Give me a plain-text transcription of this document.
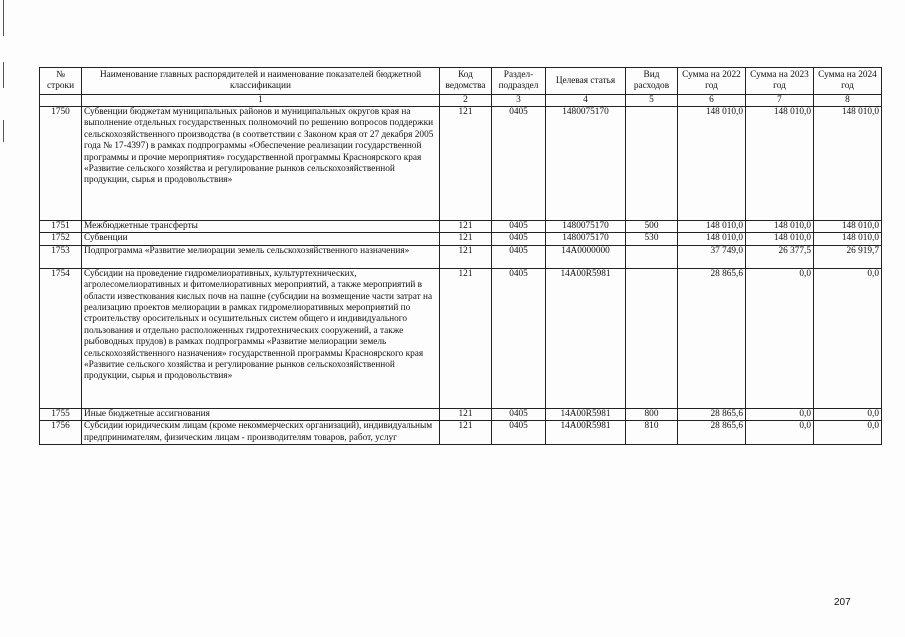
№ строки	Наименование главных распорядителей и наименование показателей бюджетной классификации	Код ведомства	Раздел-подраздел	Целевая статья	Вид расходов	Сумма на 2022 год	Сумма на 2023 год	Сумма на 2024 год
	1	2	3	4	5	6	7	8
1750	Субвенции бюджетам муниципальных районов и муниципальных округов края на выполнение отдельных государственных полномочий по решению вопросов поддержки сельскохозяйственного производства (в соответствии с Законом края от 27 декабря 2005 года № 17-4397) в рамках подпрограммы «Обеспечение реализации государственной программы и прочие мероприятия» государственной программы Красноярского края «Развитие сельского хозяйства и регулирование рынков сельскохозяйственной продукции, сырья и продовольствия»	121	0405	1480075170		148 010,0	148 010,0	148 010,0
1751	Межбюджетные трансферты	121	0405	1480075170	500	148 010,0	148 010,0	148 010,0
1752	Субвенции	121	0405	1480075170	530	148 010,0	148 010,0	148 010,0
1753	Подпрограмма «Развитие мелиорации земель сельскохозяйственного назначения»	121	0405	14А0000000		37 749,0	26 377,5	26 919,7
1754	Субсидии на проведение гидромелиоративных, культуртехнических, агролесомелиоративных и фитомелиоративных мероприятий, а также мероприятий в области известкования кислых почв на пашне (субсидии на возмещение части затрат на реализацию проектов мелиорации в рамках гидромелиоративных мероприятий по строительству оросительных и осушительных систем общего и индивидуального пользования и отдельно расположенных гидротехнических сооружений, а также рыбоводных прудов) в рамках подпрограммы «Развитие мелиорации земель сельскохозяйственного назначения» государственной программы Красноярского края «Развитие сельского хозяйства и регулирование рынков сельскохозяйственной продукции, сырья и продовольствия»	121	0405	14А00R5981		28 865,6	0,0	0,0
1755	Иные бюджетные ассигнования	121	0405	14А00R5981	800	28 865,6	0,0	0,0
1756	Субсидии юридическим лицам (кроме некоммерческих организаций), индивидуальным предпринимателям, физическим лицам - производителям товаров, работ, услуг	121	0405	14А00R5981	810	28 865,6	0,0	0,0
207
